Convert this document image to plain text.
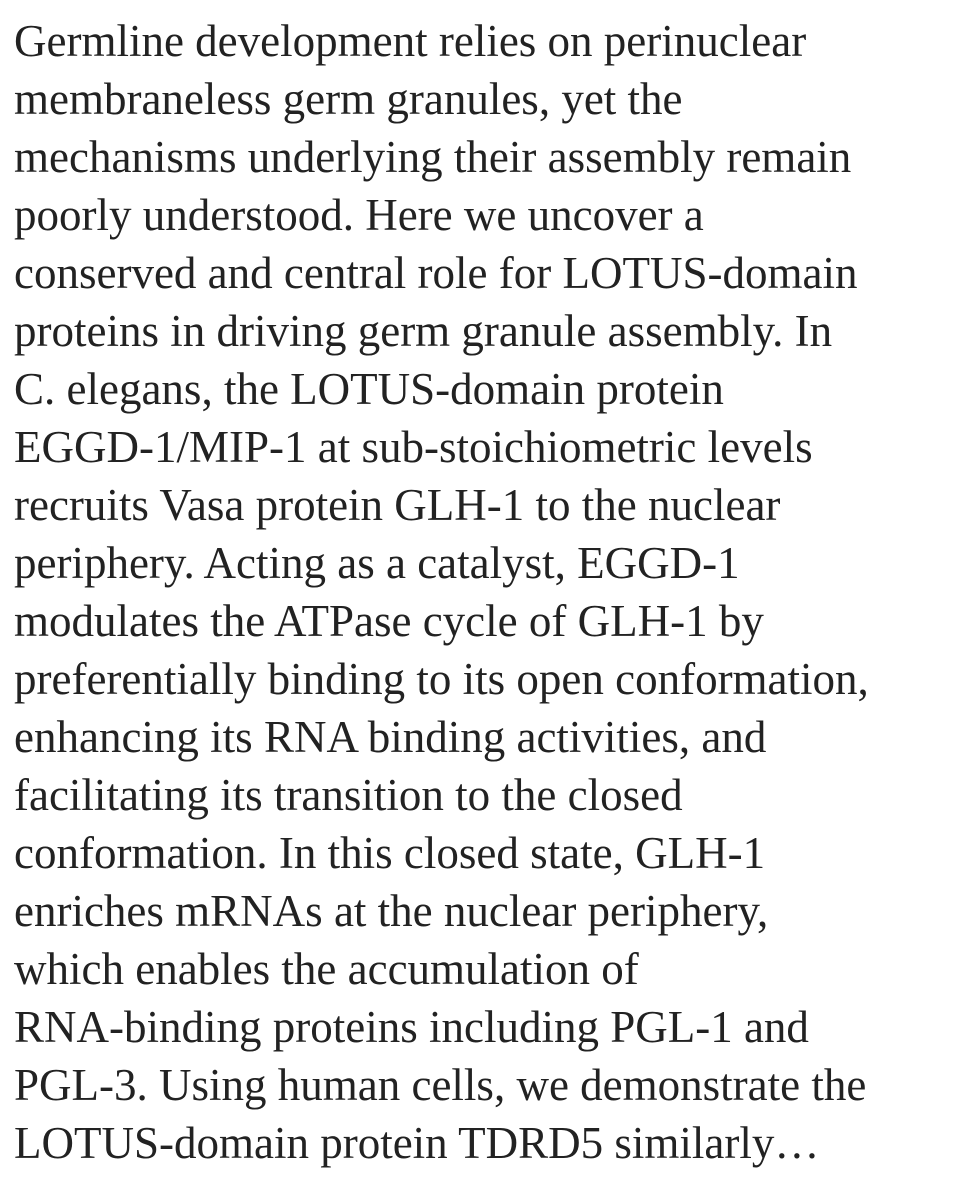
Germline development relies on perinuclear
membraneless germ granules, yet the
mechanisms underlying their assembly remain
poorly understood. Here we uncover a
conserved and central role for LOTUS-domain
proteins in driving germ granule assembly. In
C. elegans, the LOTUS-domain protein
EGGD-1/MIP-1 at sub-stoichiometric levels
recruits Vasa protein GLH-1 to the nuclear
periphery. Acting as a catalyst, EGGD-1
modulates the ATPase cycle of GLH-1 by
preferentially binding to its open conformation,
enhancing its RNA binding activities, and
facilitating its transition to the closed
conformation. In this closed state, GLH-1
enriches mRNAs at the nuclear periphery,
which enables the accumulation of
RNA-binding proteins including PGL-1 and
PGL-3. Using human cells, we demonstrate the
LOTUS-domain protein TDRD5 similarly…
